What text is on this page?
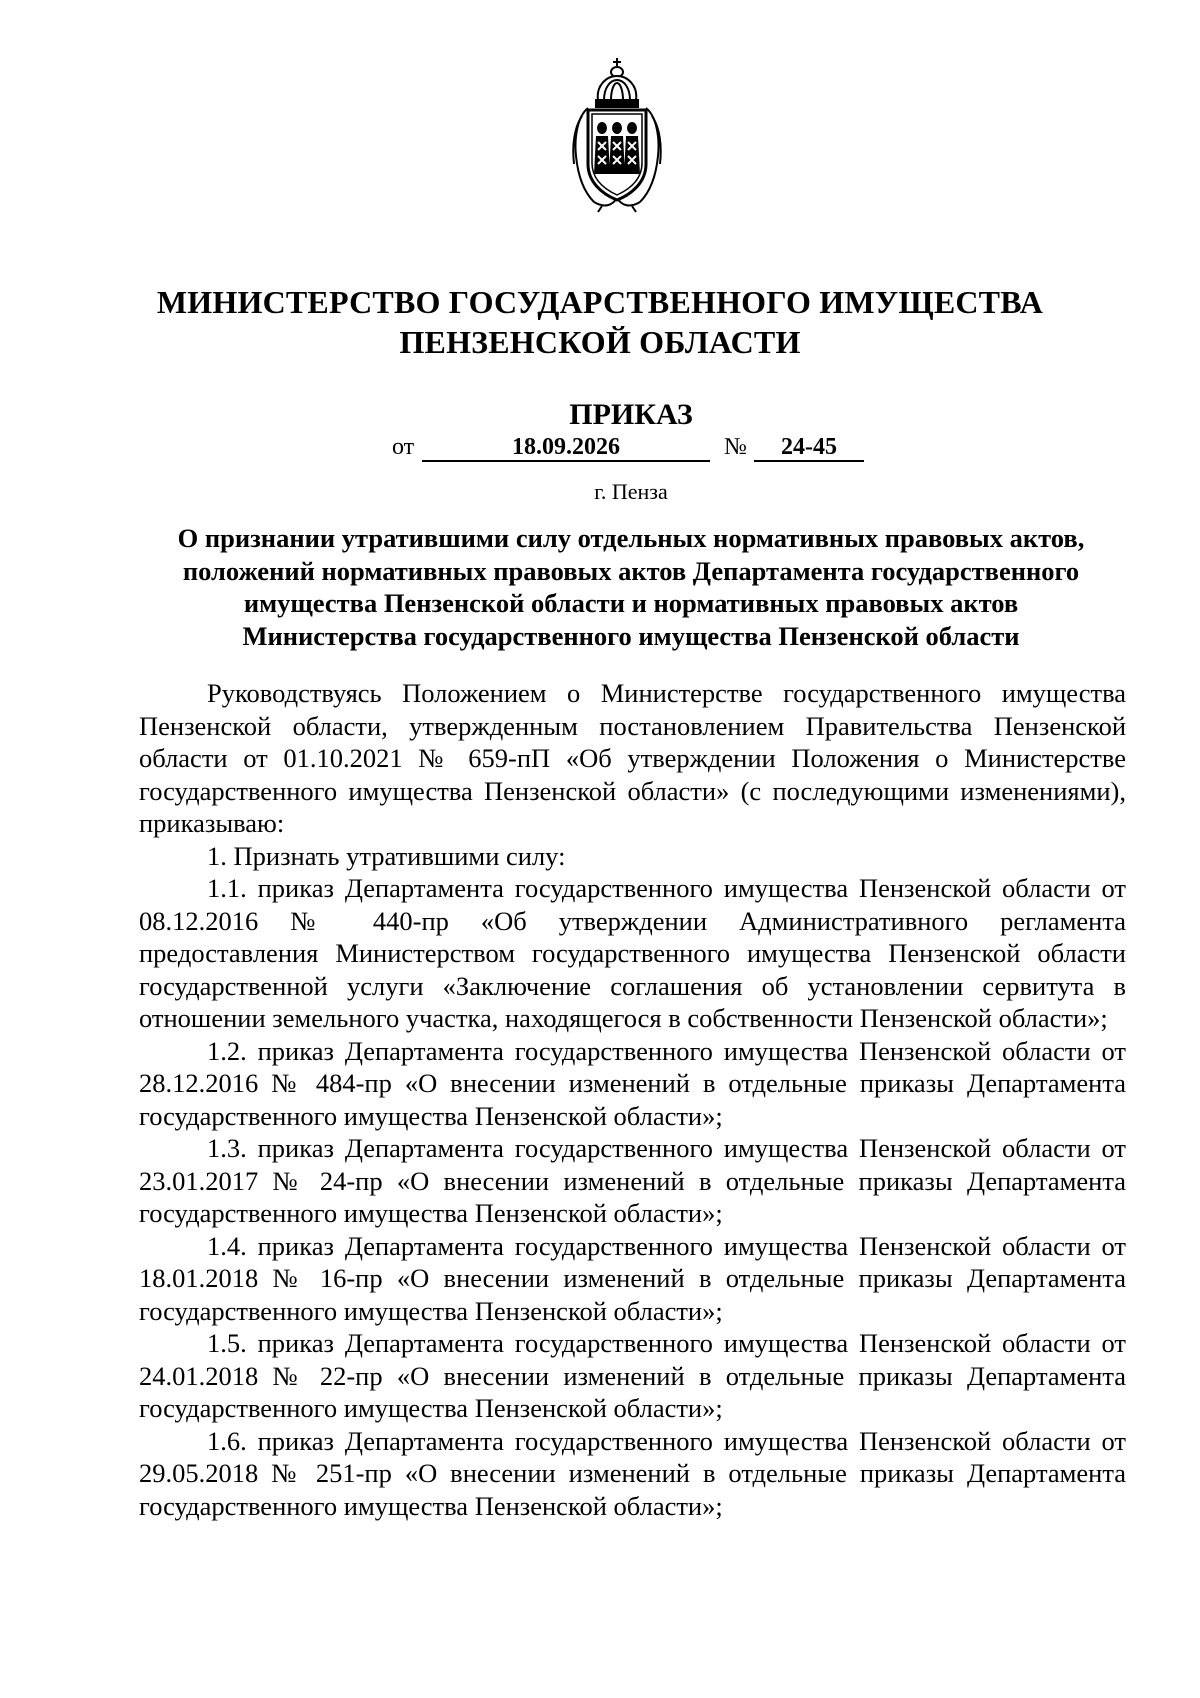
МИНИСТЕРСТВО ГОСУДАРСТВЕННОГО ИМУЩЕСТВА
ПЕНЗЕНСКОЙ ОБЛАСТИ
ПРИКАЗ
от	18.09.2026	№	24-45
г. Пенза
О признании утратившими силу отдельных нормативных правовых актов,
положений нормативных правовых актов Департамента государственного
имущества Пензенской области и нормативных правовых актов
Министерства государственного имущества Пензенской области

Руководствуясь Положением о Министерстве государственного имущества Пензенской области, утвержденным постановлением Правительства Пензенской области от 01.10.2021 № 659-пП «Об утверждении Положения о Министерстве государственного имущества Пензенской области» (с последующими изменениями), приказываю:

1. Признать утратившими силу:

1.1. приказ Департамента государственного имущества Пензенской области от 08.12.2016 № 440-пр «Об утверждении Административного регламента предоставления Министерством государственного имущества Пензенской области государственной услуги «Заключение соглашения об установлении сервитута в отношении земельного участка, находящегося в собственности Пензенской области»;

1.2. приказ Департамента государственного имущества Пензенской области от 28.12.2016 № 484-пр «О внесении изменений в отдельные приказы Департамента государственного имущества Пензенской области»;

1.3. приказ Департамента государственного имущества Пензенской области от 23.01.2017 № 24-пр «О внесении изменений в отдельные приказы Департамента государственного имущества Пензенской области»;

1.4. приказ Департамента государственного имущества Пензенской области от 18.01.2018 № 16-пр «О внесении изменений в отдельные приказы Департамента государственного имущества Пензенской области»;

1.5. приказ Департамента государственного имущества Пензенской области от 24.01.2018 № 22-пр «О внесении изменений в отдельные приказы Департамента государственного имущества Пензенской области»;

1.6. приказ Департамента государственного имущества Пензенской области от 29.05.2018 № 251-пр «О внесении изменений в отдельные приказы Департамента государственного имущества Пензенской области»;
